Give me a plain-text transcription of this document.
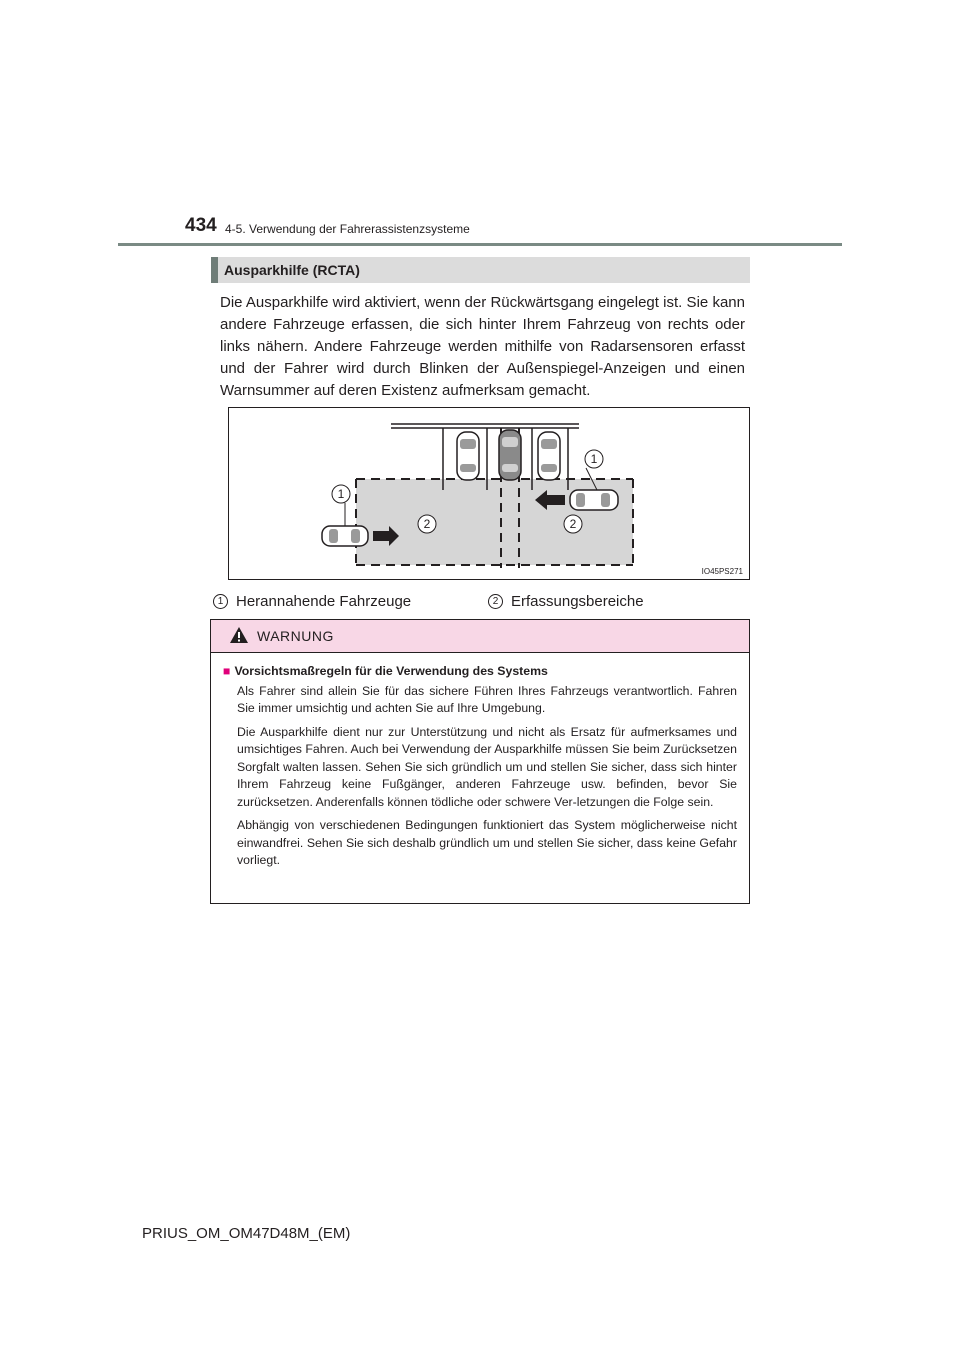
434 4-5. Verwendung der Fahrerassistenzsysteme
Ausparkhilfe (RCTA)
Die Ausparkhilfe wird aktiviert, wenn der Rückwärtsgang eingelegt ist. Sie kann andere Fahrzeuge erfassen, die sich hinter Ihrem Fahrzeug von rechts oder links nähern. Andere Fahrzeuge werden mithilfe von Radarsensoren erfasst und der Fahrer wird durch Blinken der Außenspiegel-Anzeigen und einen Warnsummer auf deren Existenz aufmerksam gemacht.
1
2
1
2
IO45PS271
1 Herannahende Fahrzeuge	2 Erfassungsbereiche
WARNUNG
■ Vorsichtsmaßregeln für die Verwendung des Systems

Als Fahrer sind allein Sie für das sichere Führen Ihres Fahrzeugs verantwortlich. Fahren Sie immer umsichtig und achten Sie auf Ihre Umgebung.

Die Ausparkhilfe dient nur zur Unterstützung und nicht als Ersatz für aufmerksames und umsichtiges Fahren. Auch bei Verwendung der Ausparkhilfe müssen Sie beim Zurücksetzen Sorgfalt walten lassen. Sehen Sie sich gründlich um und stellen Sie sicher, dass sich hinter Ihrem Fahrzeug keine Fußgänger, anderen Fahrzeuge usw. befinden, bevor Sie zurücksetzen. Anderenfalls können tödliche oder schwere Ver-letzungen die Folge sein.

Abhängig von verschiedenen Bedingungen funktioniert das System möglicherweise nicht einwandfrei. Sehen Sie sich deshalb gründlich um und stellen Sie sicher, dass keine Gefahr vorliegt.

PRIUS_OM_OM47D48M_(EM)
